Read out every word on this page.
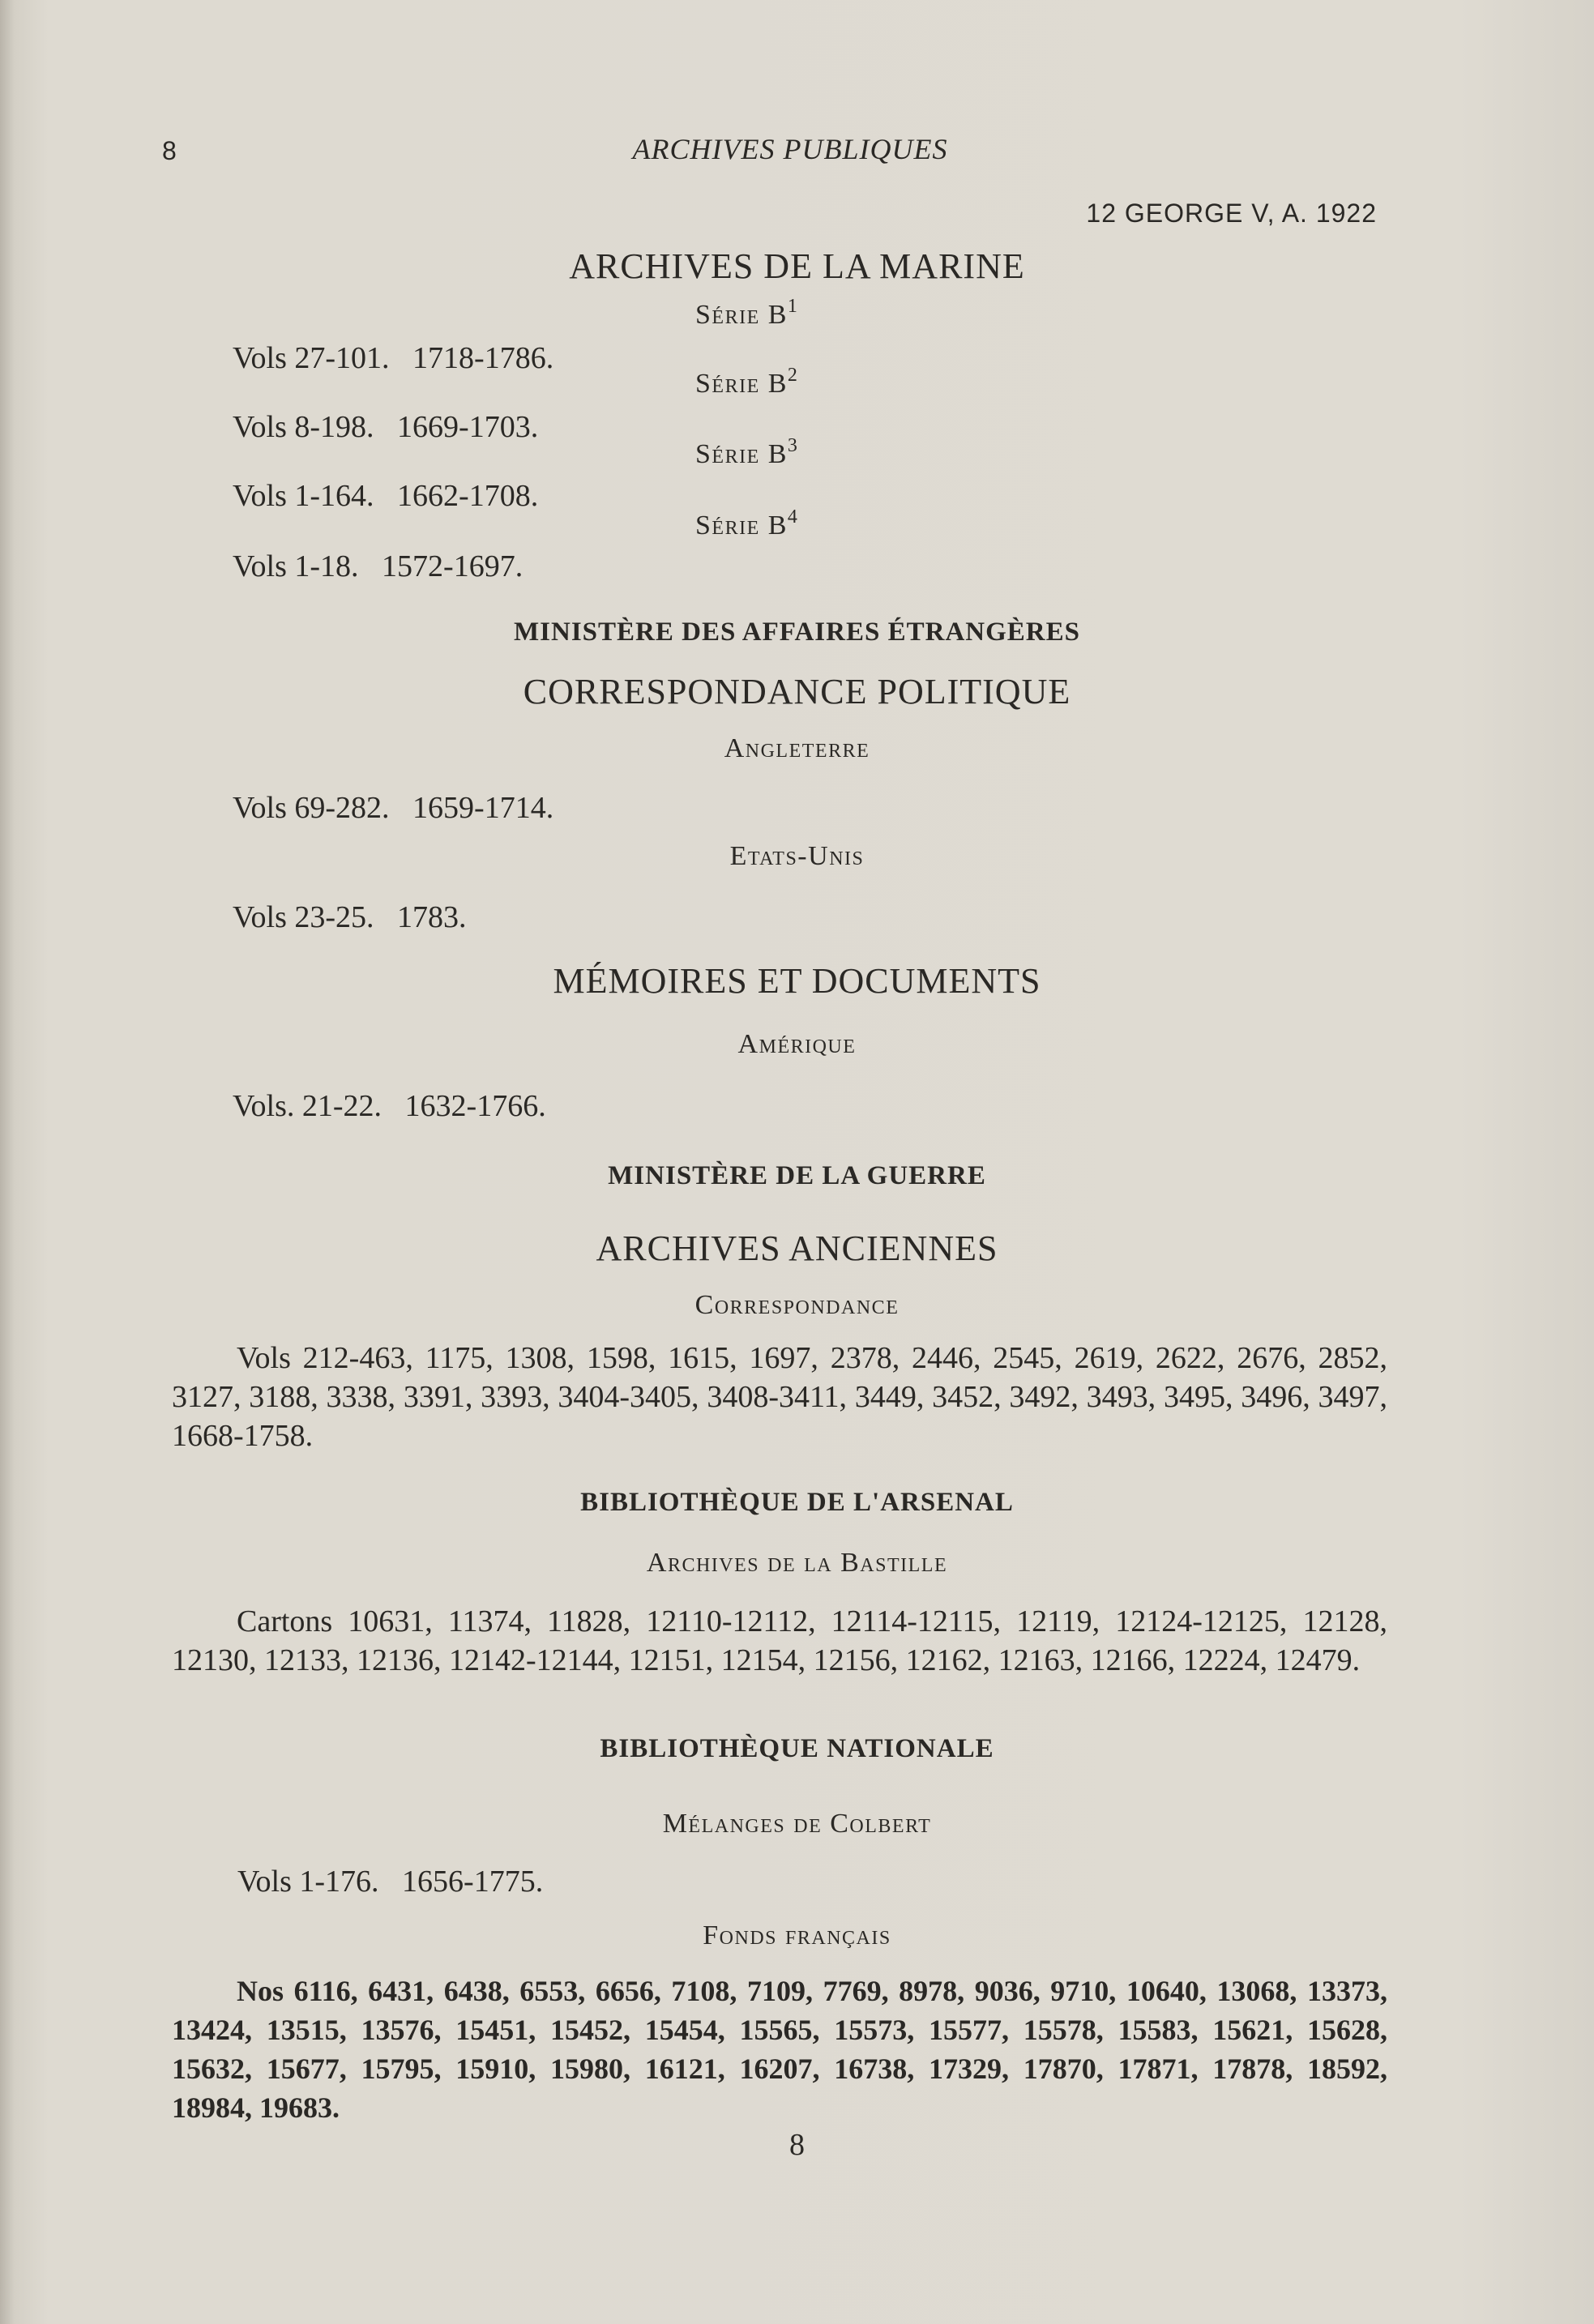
8	ARCHIVES PUBLIQUES
12 GEORGE V, A. 1922
ARCHIVES DE LA MARINE
Série $B^1$
Vols 27-101. 1718-1786.
Série $B^2$
Vols 8-198. 1669-1703.
Série $B^3$
Vols 1-164. 1662-1708.
Série $B^4$
Vols 1-18. 1572-1697.
MINISTÈRE DES AFFAIRES ÉTRANGÈRES
CORRESPONDANCE POLITIQUE
Angleterre
Vols 69-282. 1659-1714.
Etats-Unis
Vols 23-25. 1783.
MÉMOIRES ET DOCUMENTS
Amérique
Vols. 21-22. 1632-1766.
MINISTÈRE DE LA GUERRE
ARCHIVES ANCIENNES
Correspondance
Vols 212-463, 1175, 1308, 1598, 1615, 1697, 2378, 2446, 2545, 2619, 2622, 2676, 2852, 3127, 3188, 3338, 3391, 3393, 3404-3405, 3408-3411, 3449, 3452, 3492, 3493, 3495, 3496, 3497, 1668-1758.
BIBLIOTHÈQUE DE L'ARSENAL
Archives de la Bastille
Cartons 10631, 11374, 11828, 12110-12112, 12114-12115, 12119, 12124-12125, 12128, 12130, 12133, 12136, 12142-12144, 12151, 12154, 12156, 12162, 12163, 12166, 12224, 12479.
BIBLIOTHÈQUE NATIONALE
Mélanges de Colbert
Vols 1-176. 1656-1775.
Fonds français
Nos 6116, 6431, 6438, 6553, 6656, 7108, 7109, 7769, 8978, 9036, 9710, 10640, 13068, 13373, 13424, 13515, 13576, 15451, 15452, 15454, 15565, 15573, 15577, 15578, 15583, 15621, 15628, 15632, 15677, 15795, 15910, 15980, 16121, 16207, 16738, 17329, 17870, 17871, 17878, 18592, 18984, 19683.
8
